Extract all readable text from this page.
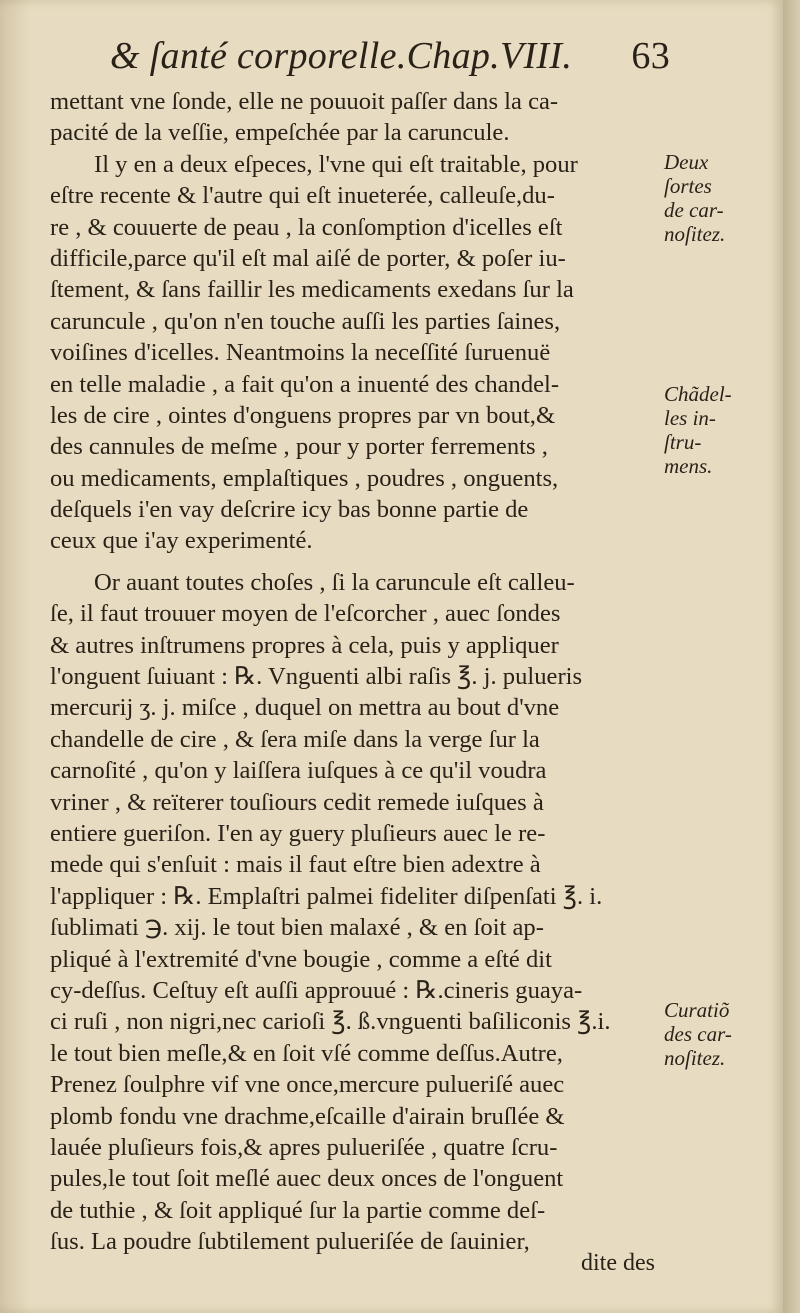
& ſanté corporelle.Chap.VIII. 63
mettant vne ſonde, elle ne pouuoit paſſer dans la ca-
pacité de la veſſie, empeſchée par la caruncule.
Il y en a deux eſpeces, l'vne qui eſt traitable, pour
eſtre recente & l'autre qui eſt inueterée, calleuſe,du-
re , & couuerte de peau , la conſomption d'icelles eſt
difficile,parce qu'il eſt mal aiſé de porter, & poſer iu-
ſtement, & ſans faillir les medicaments exedans ſur la
caruncule , qu'on n'en touche auſſi les parties ſaines,
voiſines d'icelles. Neantmoins la neceſſité ſuruenuë
en telle maladie , a fait qu'on a inuenté des chandel-
les de cire , ointes d'onguens propres par vn bout,&
des cannules de meſme , pour y porter ferrements ,
ou medicaments, emplaſtiques , poudres , onguents,
deſquels i'en vay deſcrire icy bas bonne partie de
ceux que i'ay experimenté.
Or auant toutes choſes , ſi la caruncule eſt calleu-
ſe, il faut trouuer moyen de l'eſcorcher , auec ſondes
& autres inſtrumens propres à cela, puis y appliquer
l'onguent ſuiuant : ℞. Vnguenti albi raſis ℥. j. pulueris
mercurij ʒ. j. miſce , duquel on mettra au bout d'vne
chandelle de cire , & ſera miſe dans la verge ſur la
carnoſité , qu'on y laiſſera iuſques à ce qu'il voudra
vriner , & reïterer touſiours cedit remede iuſques à
entiere gueriſon. I'en ay guery pluſieurs auec le re-
mede qui s'enſuit : mais il faut eſtre bien adextre à
l'appliquer : ℞. Emplaſtri palmei fideliter diſpenſati ℥. i.
ſublimati ℈. xij. le tout bien malaxé , & en ſoit ap-
pliqué à l'extremité d'vne bougie , comme a eſté dit
cy-deſſus. Ceſtuy eſt auſſi approuué : ℞.cineris guaya-
ci ruſi , non nigri,nec carioſi ℥. ß.vnguenti baſiliconis ℥.i.
le tout bien meſle,& en ſoit vſé comme deſſus.Autre,
Prenez ſoulphre vif vne once,mercure pulueriſé auec
plomb fondu vne drachme,eſcaille d'airain bruſlée &
lauée pluſieurs fois,& apres pulueriſée , quatre ſcru-
pules,le tout ſoit meſlé auec deux onces de l'onguent
de tuthie , & ſoit appliqué ſur la partie comme deſ-
ſus. La poudre ſubtilement pulueriſée de ſauinier,
Deux
ſortes
de car-
noſitez.
Chãdel-
les in-
ſtru-
mens.
Curatiõ
des car-
noſitez.
dite des
